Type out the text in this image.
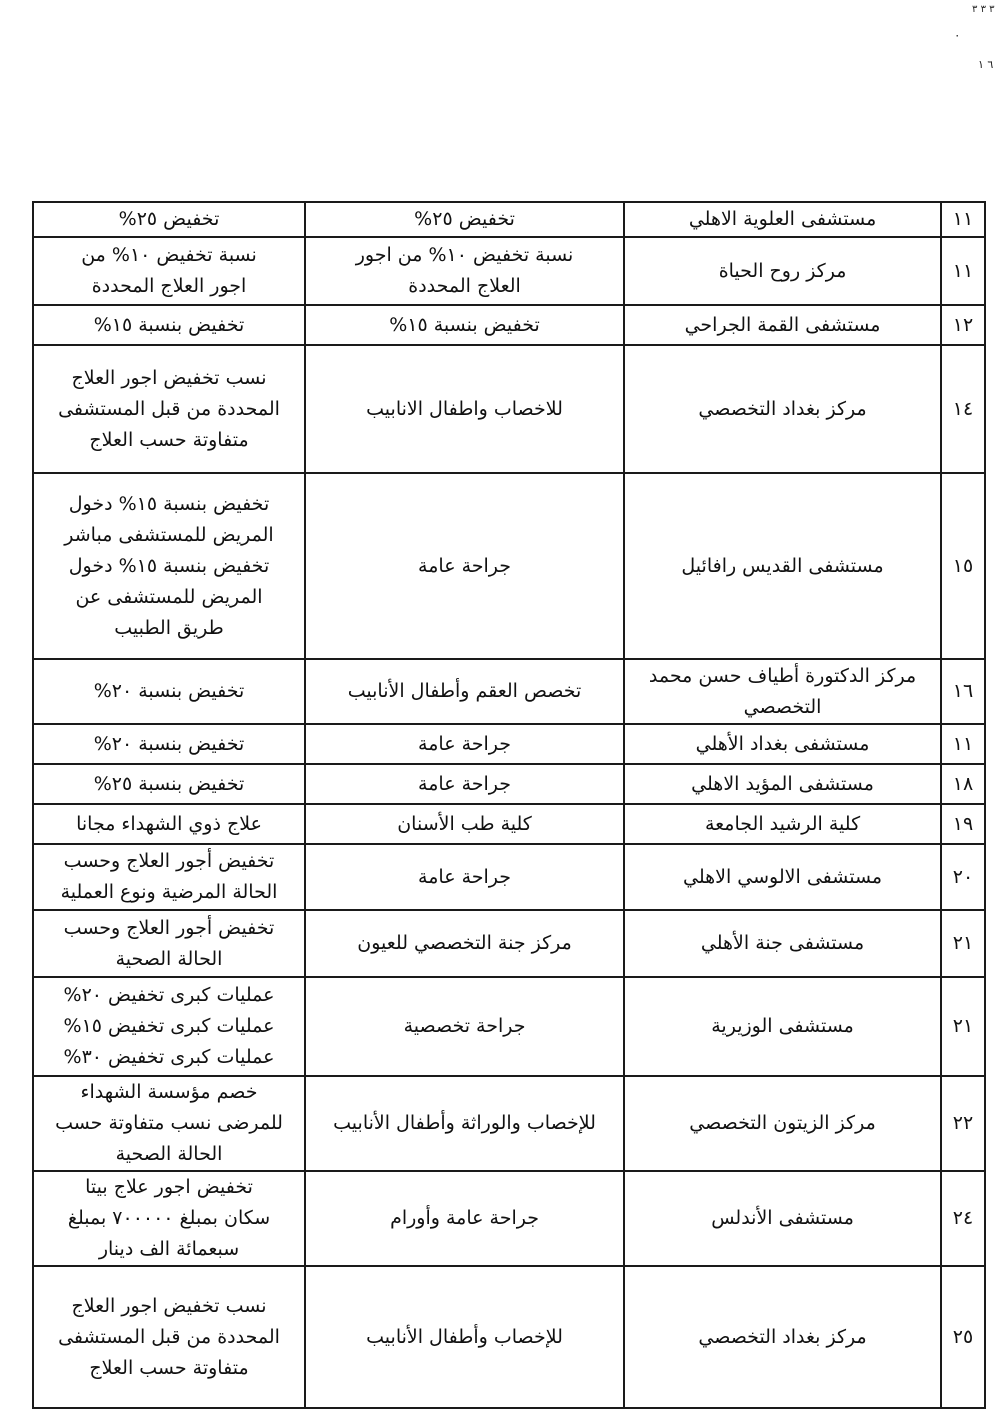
٣ ٣ ٣
٠
٦ ١
١١	مستشفى العلوية الاهلي	تخفيض ٢٥%	تخفيض ٢٥%

١١	مركز روح الحياة	نسبة تخفيض ١٠% من اجور
العلاج المحددة	نسبة تخفيض ١٠% من
اجور العلاج المحددة

١٢	مستشفى القمة الجراحي	تخفيض بنسبة ١٥%	تخفيض بنسبة ١٥%

١٤	مركز بغداد التخصصي	للاخصاب واطفال الانابيب	نسب تخفيض اجور العلاج
المحددة من قبل المستشفى
متفاوتة حسب العلاج

١٥	مستشفى القديس رافائيل	جراحة عامة	تخفيض بنسبة ١٥% دخول
المريض للمستشفى مباشر
تخفيض بنسبة ١٥% دخول
المريض للمستشفى عن
طريق الطبيب

١٦	مركز الدكتورة أطياف حسن محمد
التخصصي	تخصص العقم وأطفال الأنابيب	تخفيض بنسبة ٢٠%

١١	مستشفى بغداد الأهلي	جراحة عامة	تخفيض بنسبة ٢٠%

١٨	مستشفى المؤيد الاهلي	جراحة عامة	تخفيض بنسبة ٢٥%

١٩	كلية الرشيد الجامعة	كلية طب الأسنان	علاج ذوي الشهداء مجانا

٢٠	مستشفى الالوسي الاهلي	جراحة عامة	تخفيض أجور العلاج وحسب
الحالة المرضية ونوع العملية

٢١	مستشفى جنة الأهلي	مركز جنة التخصصي للعيون	تخفيض أجور العلاج وحسب
الحالة الصحية

٢١	مستشفى الوزيرية	جراحة تخصصية	عمليات كبرى تخفيض ٢٠%
عمليات كبرى تخفيض ١٥%
عمليات كبرى تخفيض ٣٠%

٢٢	مركز الزيتون التخصصي	للإخصاب والوراثة وأطفال الأنابيب	خصم مؤسسة الشهداء
للمرضى نسب متفاوتة حسب
الحالة الصحية

٢٤	مستشفى الأندلس	جراحة عامة وأورام	تخفيض اجور علاج بيتا
سكان بمبلغ ٧٠٠٠٠٠ بمبلغ
سبعمائة الف دينار

٢٥	مركز بغداد التخصصي	للإخصاب وأطفال الأنابيب	نسب تخفيض اجور العلاج
المحددة من قبل المستشفى
متفاوتة حسب العلاج
